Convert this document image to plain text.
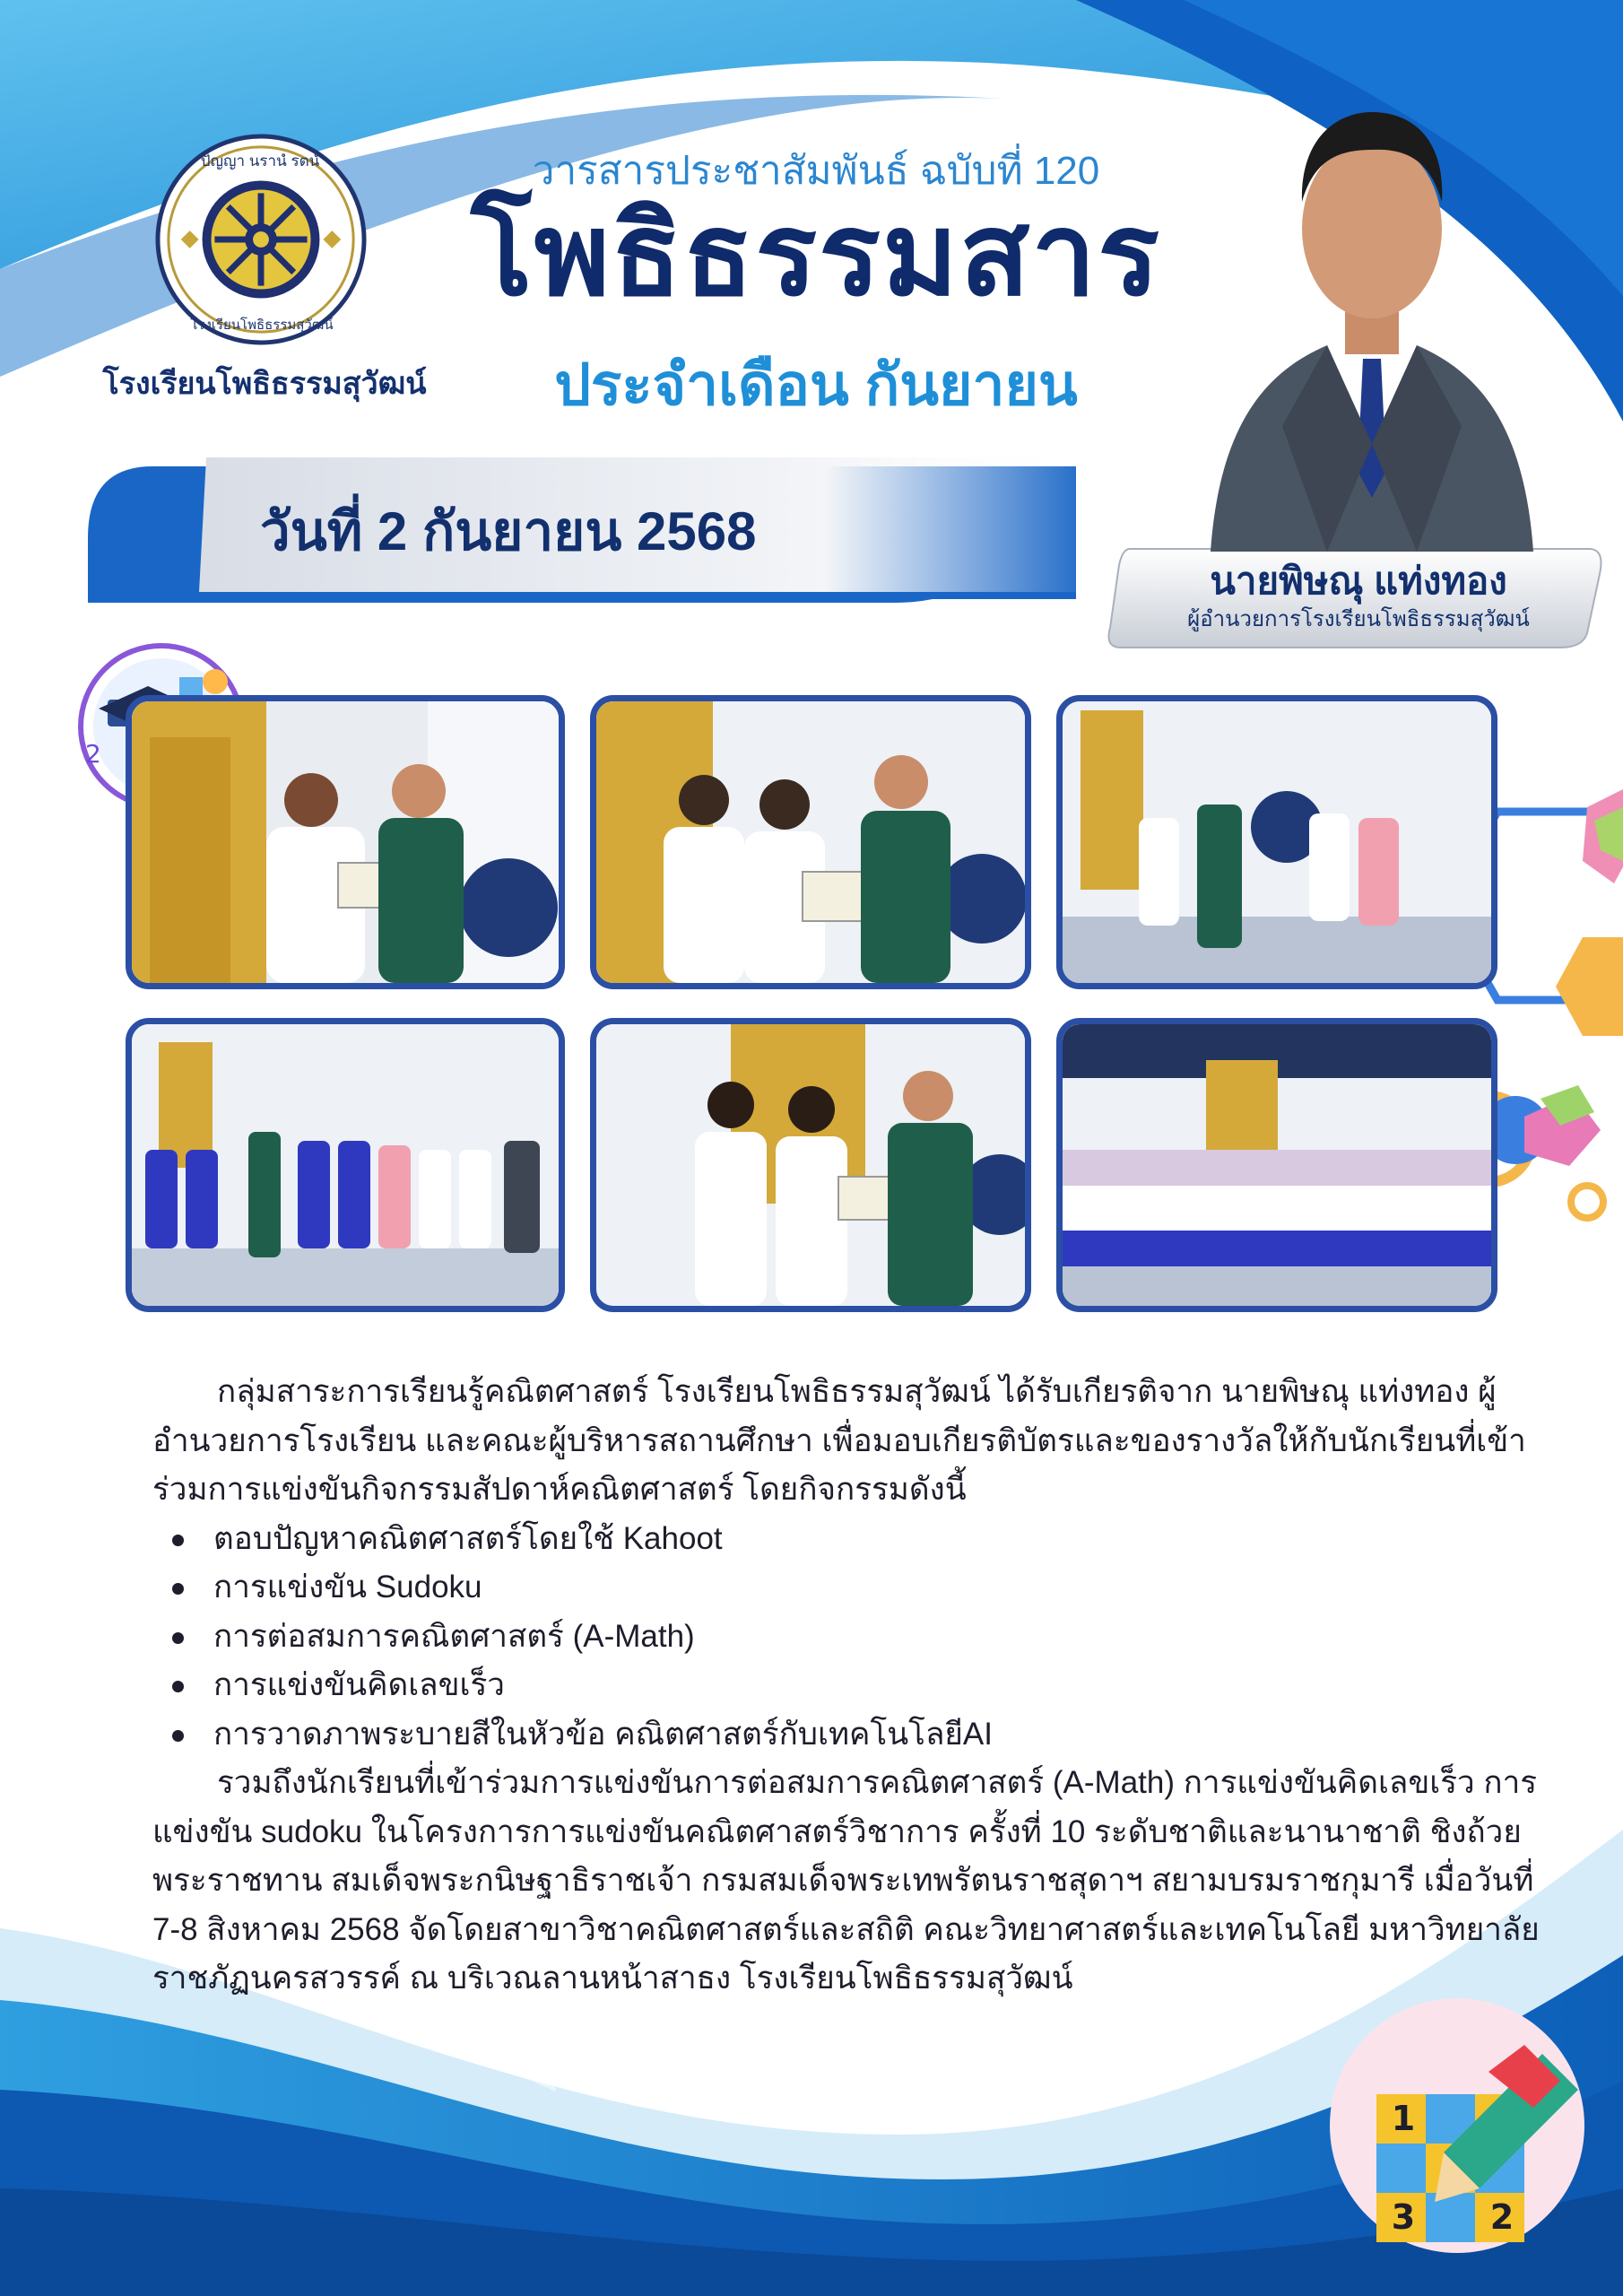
2
ปัญญา นรานํ รตนํ
โรงเรียนโพธิธรรมสุวัฒน์
โรงเรียนโพธิธรรมสุวัฒน์
วารสารประชาสัมพันธ์ ฉบับที่ 120
โพธิธรรมสาร
ประจำเดือน กันยายน
วันที่ 2 กันยายน 2568
นายพิษณุ แท่งทอง
ผู้อำนวยการโรงเรียนโพธิธรรมสุวัฒน์

กลุ่มสาระการเรียนรู้คณิตศาสตร์ โรงเรียนโพธิธรรมสุวัฒน์ ได้รับเกียรติจาก นายพิษณุ แท่งทอง ผู้อำนวยการโรงเรียน และคณะผู้บริหารสถานศึกษา เพื่อมอบเกียรติบัตรและของรางวัลให้กับนักเรียนที่เข้าร่วมการแข่งขันกิจกรรมสัปดาห์คณิตศาสตร์ โดยกิจกรรมดังนี้

ตอบปัญหาคณิตศาสตร์โดยใช้ Kahoot
การแข่งขัน Sudoku
การต่อสมการคณิตศาสตร์ (A-Math)
การแข่งขันคิดเลขเร็ว
การวาดภาพระบายสีในหัวข้อ คณิตศาสตร์กับเทคโนโลยีAI

รวมถึงนักเรียนที่เข้าร่วมการแข่งขันการต่อสมการคณิตศาสตร์ (A-Math) การแข่งขันคิดเลขเร็ว การแข่งขัน sudoku ในโครงการการแข่งขันคณิตศาสตร์วิชาการ ครั้งที่ 10 ระดับชาติและนานาชาติ ชิงถ้วยพระราชทาน สมเด็จพระกนิษฐาธิราชเจ้า กรมสมเด็จพระเทพรัตนราชสุดาฯ สยามบรมราชกุมารี เมื่อวันที่ 7-8 สิงหาคม 2568 จัดโดยสาขาวิชาคณิตศาสตร์และสถิติ คณะวิทยาศาสตร์และเทคโนโลยี มหาวิทยาลัยราชภัฏนครสวรรค์ ณ บริเวณลานหน้าสาธง โรงเรียนโพธิธรรมสุวัฒน์

1
3 2
